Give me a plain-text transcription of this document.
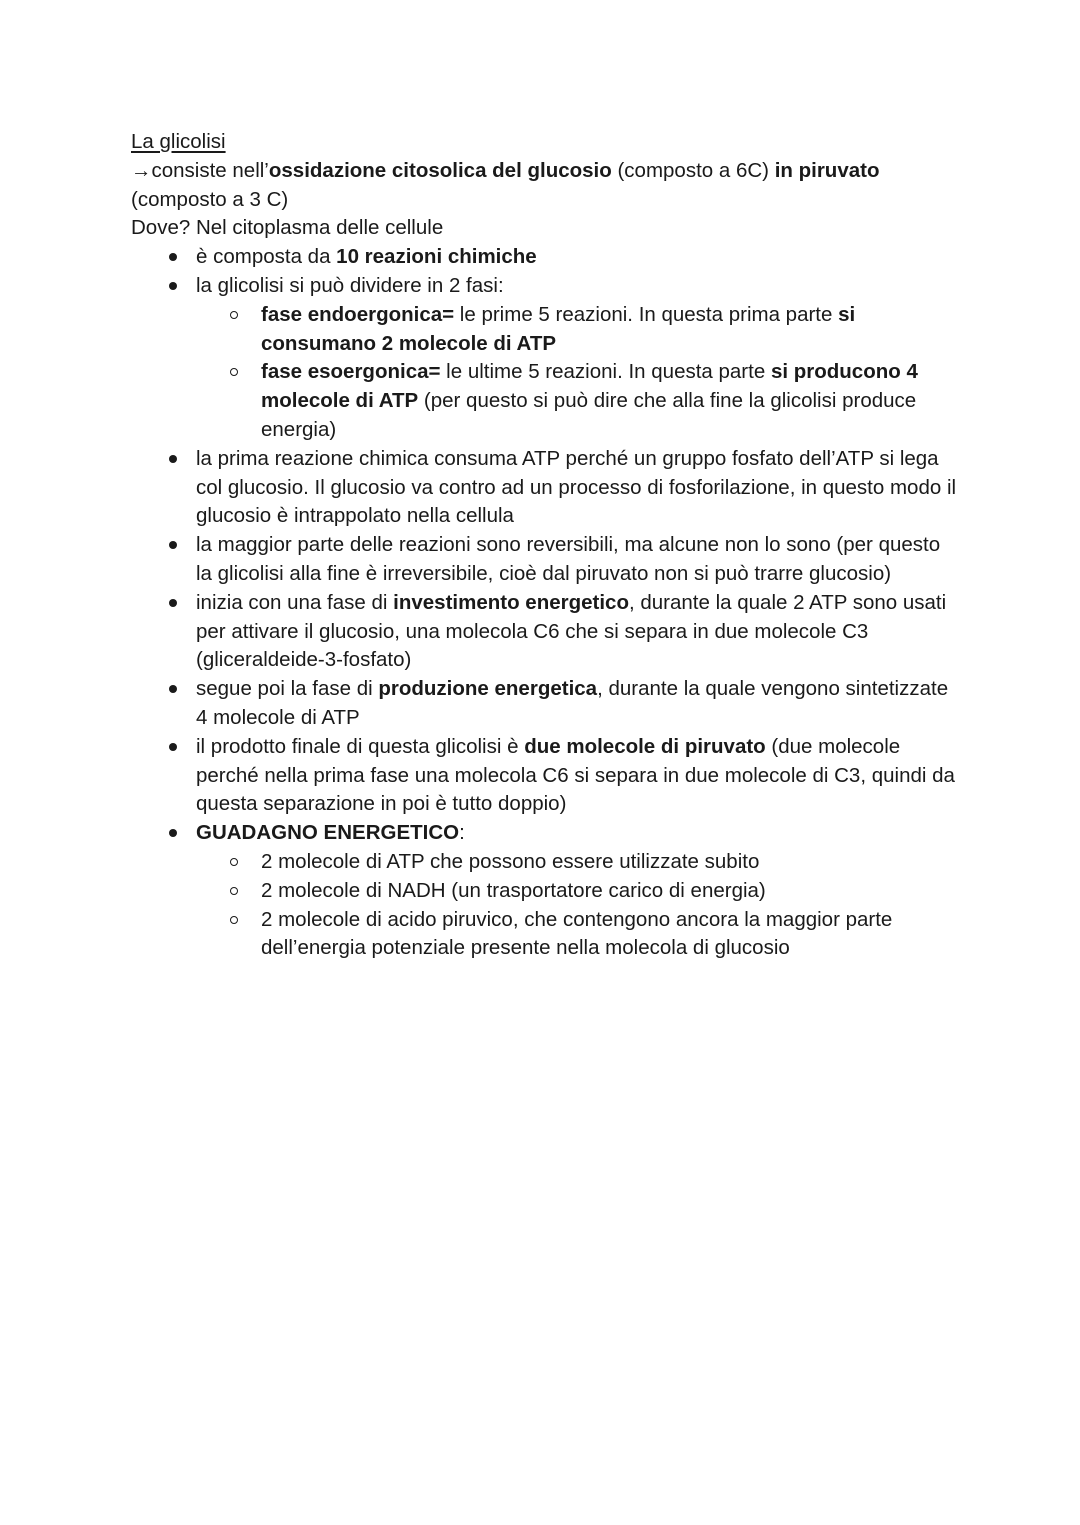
La glicolisi

→consiste nell’ossidazione citosolica del glucosio (composto a 6C) in piruvato (composto a 3 C)

Dove? Nel citoplasma delle cellule

è composta da 10 reazioni chimiche
la glicolisi si può dividere in 2 fasi:
fase endoergonica= le prime 5 reazioni. In questa prima parte si consumano 2 molecole di ATP
fase esoergonica= le ultime 5 reazioni. In questa parte si producono 4 molecole di ATP (per questo si può dire che alla fine la glicolisi produce energia)
la prima reazione chimica consuma ATP perché un gruppo fosfato dell’ATP si lega col glucosio. Il glucosio va contro ad un processo di fosforilazione, in questo modo il glucosio è intrappolato nella cellula
la maggior parte delle reazioni sono reversibili, ma alcune non lo sono (per questo la glicolisi alla fine è irreversibile, cioè dal piruvato non si può trarre glucosio)
inizia con una fase di investimento energetico, durante la quale 2 ATP sono usati per attivare il glucosio, una molecola C6 che si separa in due molecole C3 (gliceraldeide-3-fosfato)
segue poi la fase di produzione energetica, durante la quale vengono sintetizzate 4 molecole di ATP
il prodotto finale di questa glicolisi è due molecole di piruvato (due molecole perché nella prima fase una molecola C6 si separa in due molecole di C3, quindi da questa separazione in poi è tutto doppio)
GUADAGNO ENERGETICO:
2 molecole di ATP che possono essere utilizzate subito
2 molecole di NADH (un trasportatore carico di energia)
2 molecole di acido piruvico, che contengono ancora la maggior parte dell’energia potenziale presente nella molecola di glucosio
